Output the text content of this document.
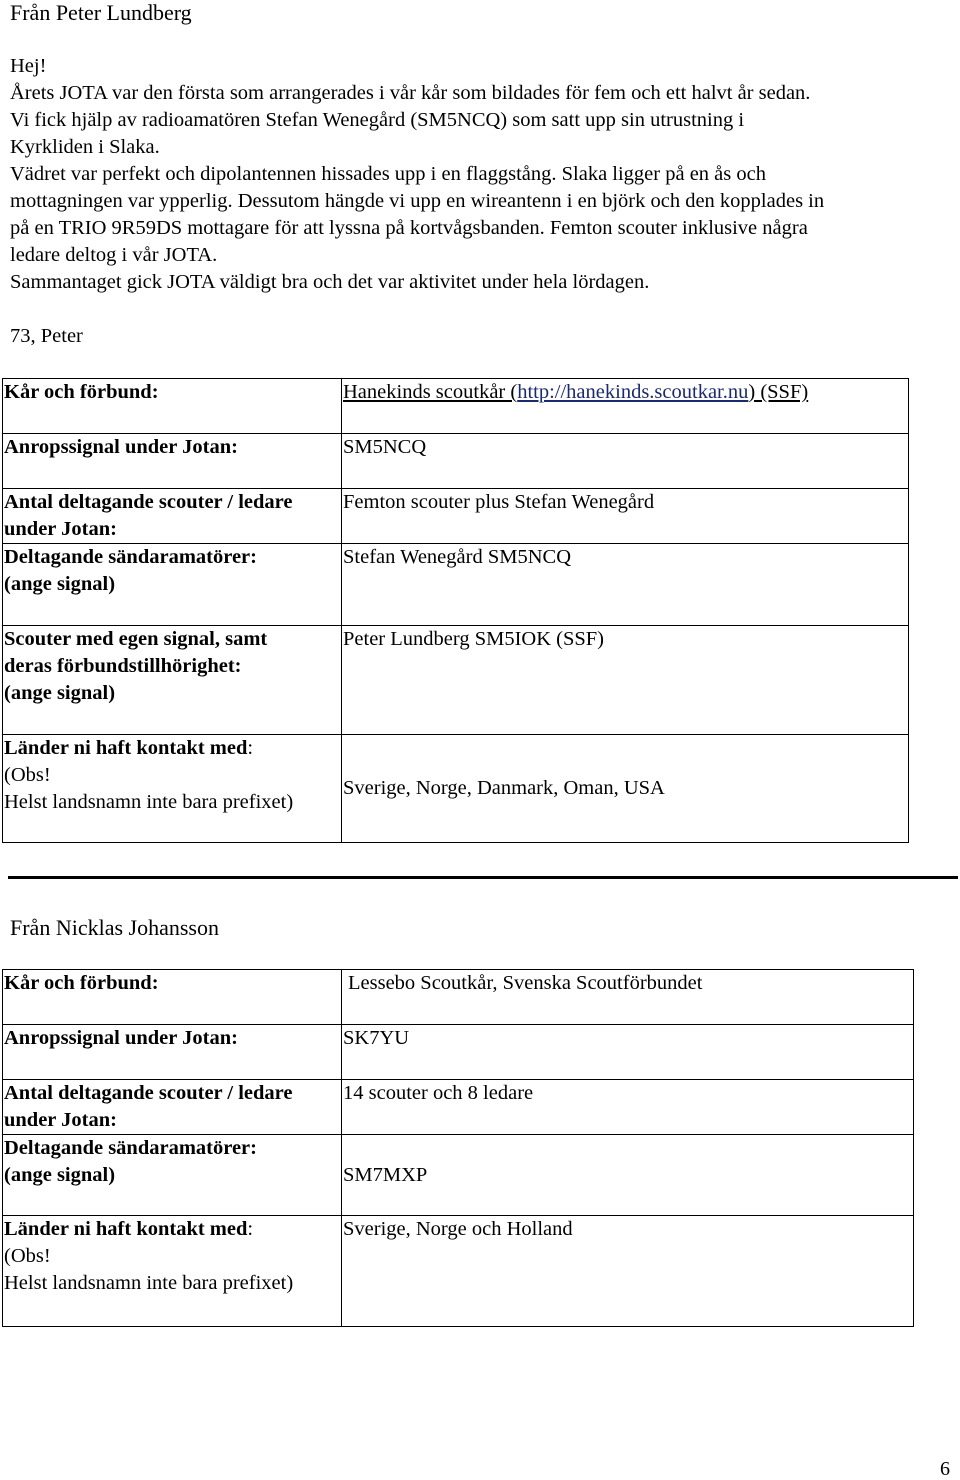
Från Peter Lundberg
Hej!
Årets JOTA var den första som arrangerades i vår kår som bildades för fem och ett halvt år sedan.
Vi fick hjälp av radioamatören Stefan Wenegård (SM5NCQ) som satt upp sin utrustning i
Kyrkliden i Slaka.
Vädret var perfekt och dipolantennen hissades upp i en flaggstång. Slaka ligger på en ås och
mottagningen var ypperlig. Dessutom hängde vi upp en wireantenn i en björk och den kopplades in
på en TRIO 9R59DS mottagare för att lyssna på kortvågsbanden. Femton scouter inklusive några
ledare deltog i vår JOTA.
Sammantaget gick JOTA väldigt bra och det var aktivitet under hela lördagen.
73, Peter
Kår och förbund:	Hanekinds scoutkår (http://hanekinds.scoutkar.nu) (SSF)
Anropssignal under Jotan:	SM5NCQ
Antal deltagande scouter / ledare
under Jotan:	Femton scouter plus Stefan Wenegård
Deltagande sändaramatörer:
(ange signal)	Stefan Wenegård SM5NCQ
Scouter med egen signal, samt
deras förbundstillhörighet:
(ange signal)	Peter Lundberg SM5IOK (SSF)
Länder ni haft kontakt med:
(Obs!
Helst landsnamn inte bara prefixet)	Sverige, Norge, Danmark, Oman, USA
Från Nicklas Johansson
Kår och förbund:	Lessebo Scoutkår, Svenska Scoutförbundet
Anropssignal under Jotan:	SK7YU
Antal deltagande scouter / ledare
under Jotan:	14 scouter och 8 ledare
Deltagande sändaramatörer:
(ange signal)	SM7MXP
Länder ni haft kontakt med:
(Obs!
Helst landsnamn inte bara prefixet)	Sverige, Norge och Holland
6
